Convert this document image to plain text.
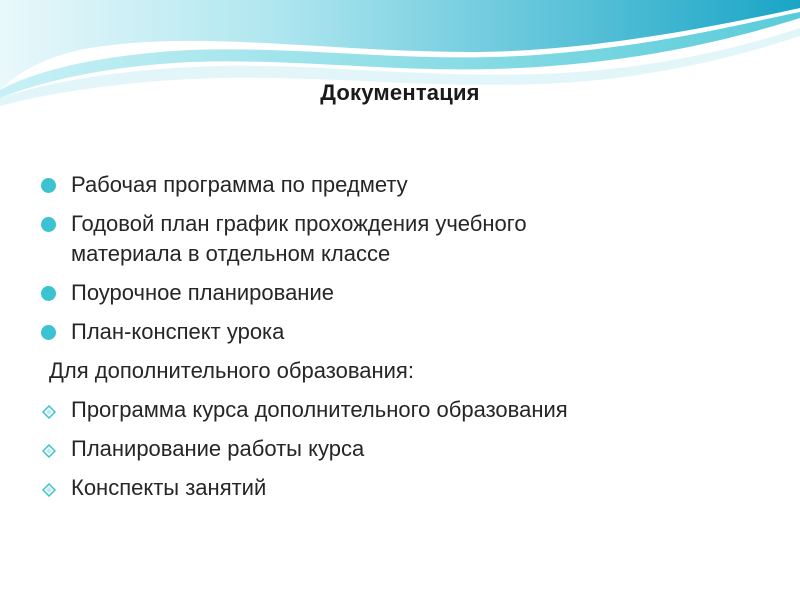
Документация
Рабочая программа по предмету
Годовой план график прохождения учебного
материала в отдельном классе
Поурочное планирование
План-конспект урока
Для дополнительного образования:
Программа курса дополнительного образования
Планирование работы курса
Конспекты занятий
